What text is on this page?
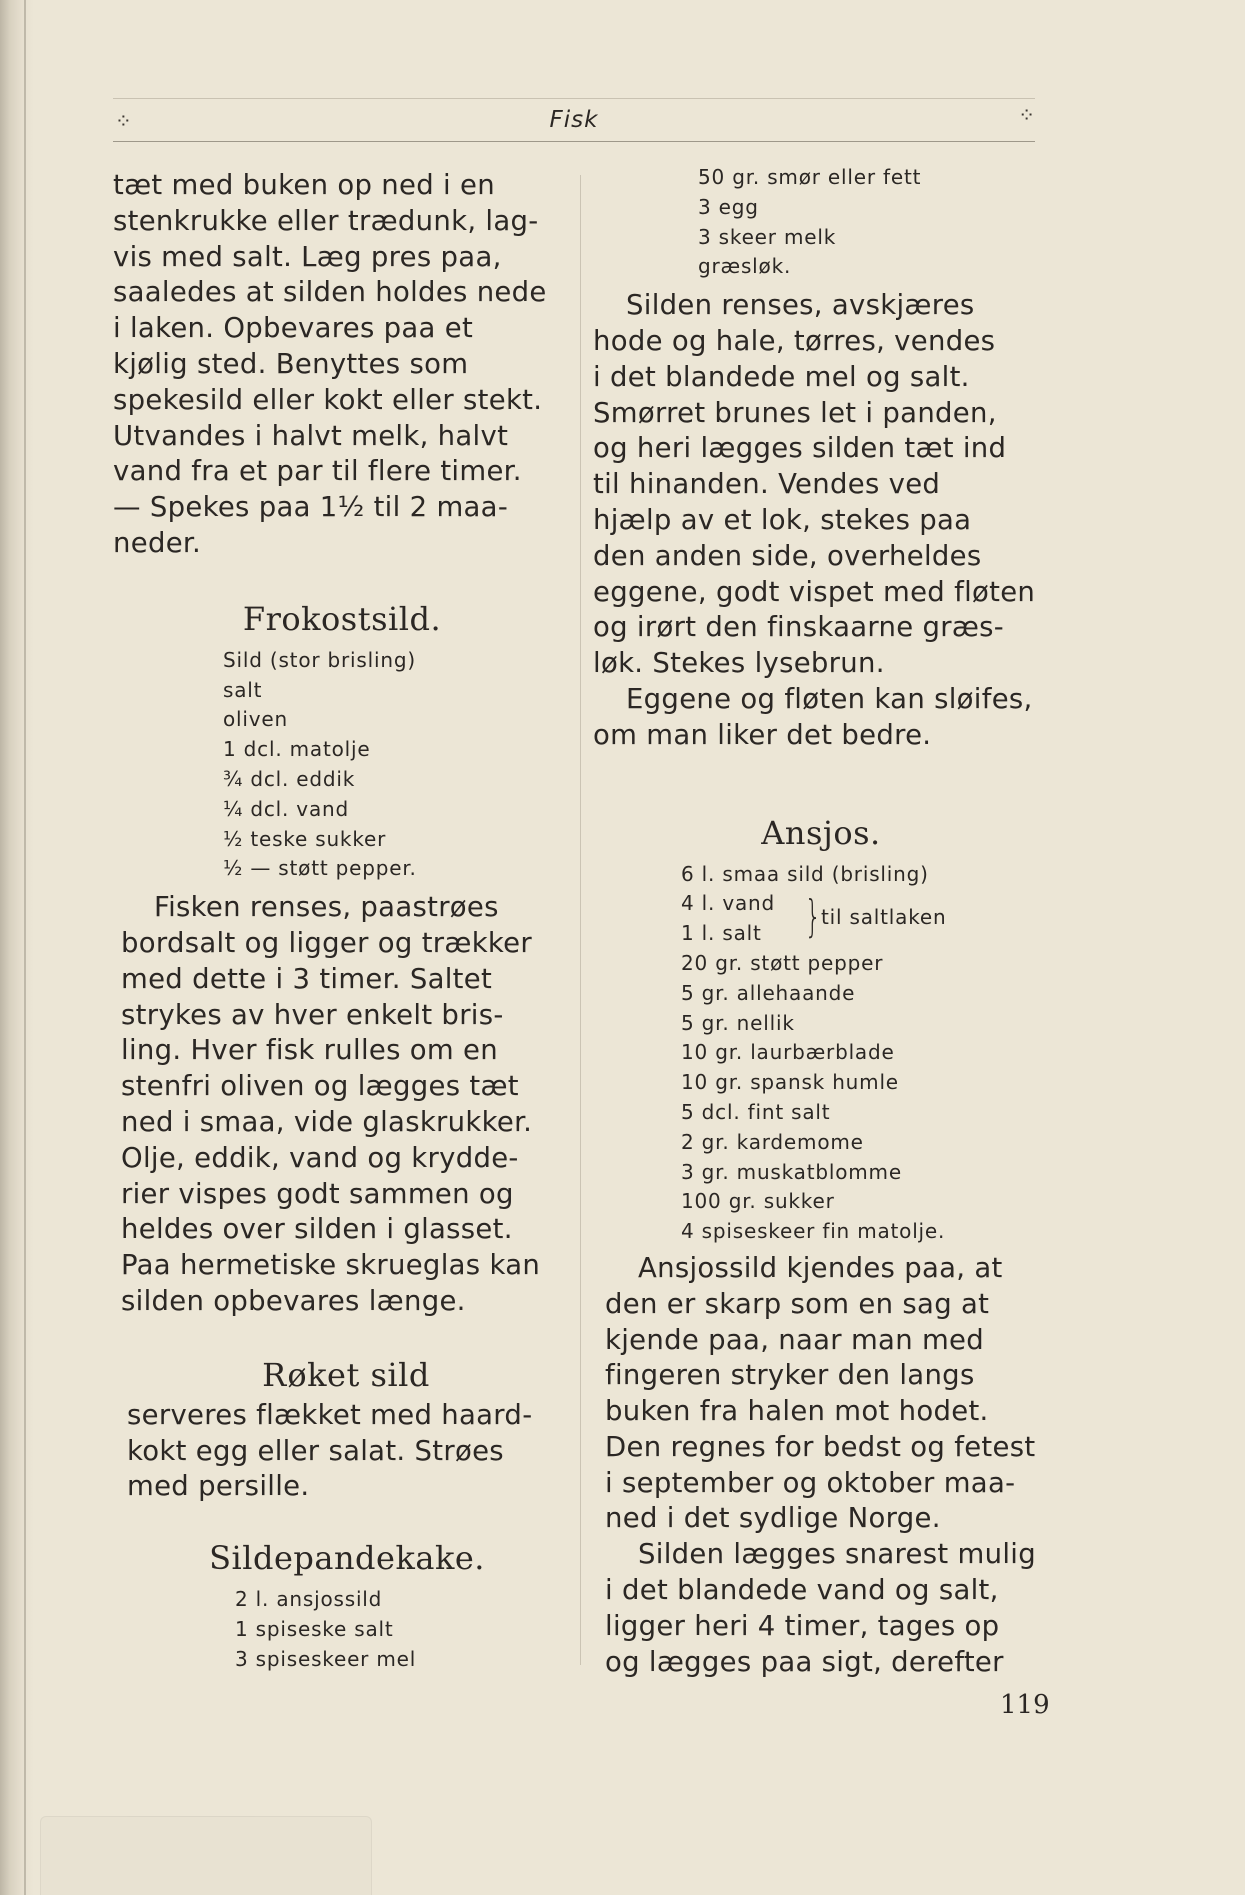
⁘	Fisk	⁘
tæt med buken op ned i en
stenkrukke eller trædunk, lag-
vis med salt. Læg pres paa,
saaledes at silden holdes nede
i laken. Opbevares paa et
kjølig sted. Benyttes som
spekesild eller kokt eller stekt.
Utvandes i halvt melk, halvt
vand fra et par til flere timer.
— Spekes paa 1½ til 2 maa-
neder.
Frokostsild.
Sild (stor brisling)
salt
oliven
1 dcl. matolje
¾ dcl. eddik
¼ dcl. vand
½ teske sukker
½ — støtt pepper.
Fisken renses, paastrøes
bordsalt og ligger og trækker
med dette i 3 timer. Saltet
strykes av hver enkelt bris-
ling. Hver fisk rulles om en
stenfri oliven og lægges tæt
ned i smaa, vide glaskrukker.
Olje, eddik, vand og krydde-
rier vispes godt sammen og
heldes over silden i glasset.
Paa hermetiske skrueglas kan
silden opbevares længe.
Røket sild
serveres flækket med haard-
kokt egg eller salat. Strøes
med persille.
Sildepandekake.
2 l. ansjossild
1 spiseske salt
3 spiseskeer mel
50 gr. smør eller fett
3 egg
3 skeer melk
græsløk.
Silden renses, avskjæres
hode og hale, tørres, vendes
i det blandede mel og salt.
Smørret brunes let i panden,
og heri lægges silden tæt ind
til hinanden. Vendes ved
hjælp av et lok, stekes paa
den anden side, overheldes
eggene, godt vispet med fløten
og irørt den finskaarne græs-
løk. Stekes lysebrun.
Eggene og fløten kan sløifes,
om man liker det bedre.
Ansjos.
6 l. smaa sild (brisling)
4 l. vand
1 l. salt } til saltlaken
20 gr. støtt pepper
5 gr. allehaande
5 gr. nellik
10 gr. laurbærblade
10 gr. spansk humle
5 dcl. fint salt
2 gr. kardemome
3 gr. muskatblomme
100 gr. sukker
4 spiseskeer fin matolje.
Ansjossild kjendes paa, at
den er skarp som en sag at
kjende paa, naar man med
fingeren stryker den langs
buken fra halen mot hodet.
Den regnes for bedst og fetest
i september og oktober maa-
ned i det sydlige Norge.
Silden lægges snarest mulig
i det blandede vand og salt,
ligger heri 4 timer, tages op
og lægges paa sigt, derefter
119
